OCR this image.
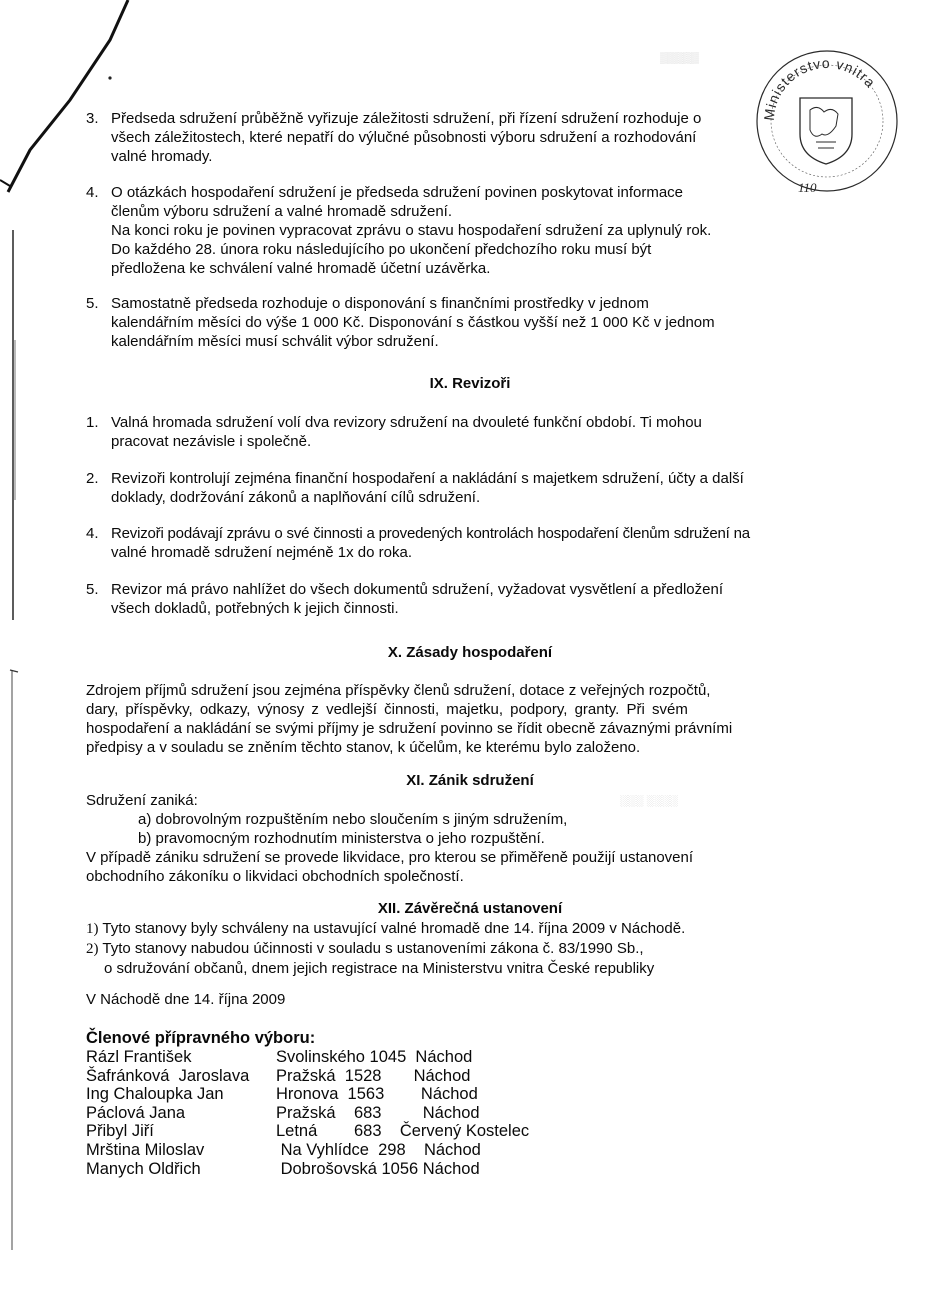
▒▒▒▒▒
░░░ ░░░░
Ministerstvo vnitra
110
3. Předseda sdružení průběžně vyřizuje záležitosti sdružení, při řízení sdružení rozhoduje o
všech záležitostech, které nepatří do výlučné působnosti výboru sdružení a rozhodování
valné hromady.
4. O otázkách hospodaření sdružení je předseda sdružení povinen poskytovat informace
členům výboru sdružení a valné hromadě sdružení.
Na konci roku je povinen vypracovat zprávu o stavu hospodaření sdružení za uplynulý rok.
Do každého 28. února roku následujícího po ukončení předchozího roku musí být
předložena ke schválení valné hromadě účetní uzávěrka.
5. Samostatně předseda rozhoduje o disponování s finančními prostředky v jednom
kalendářním měsíci do výše 1 000 Kč. Disponování s částkou vyšší než 1 000 Kč v jednom
kalendářním měsíci musí schválit výbor sdružení.
IX. Revizoři
1. Valná hromada sdružení volí dva revizory sdružení na dvouleté funkční období. Ti mohou
pracovat nezávisle i společně.
2. Revizoři kontrolují zejména finanční hospodaření a nakládání s majetkem sdružení, účty a další
doklady, dodržování zákonů a naplňování cílů sdružení.
4. Revizoři podávají zprávu o své činnosti a provedených kontrolách hospodaření členům sdružení na
valné hromadě sdružení nejméně 1x do roka.
5. Revizor má právo nahlížet do všech dokumentů sdružení, vyžadovat vysvětlení a předložení
všech dokladů, potřebných k jejich činnosti.
X. Zásady hospodaření
Zdrojem příjmů sdružení jsou zejména příspěvky členů sdružení, dotace z veřejných rozpočtů,
dary, příspěvky, odkazy, výnosy z vedlejší činnosti, majetku, podpory, granty. Při svém
hospodaření a nakládání se svými příjmy je sdružení povinno se řídit obecně závaznými právními
předpisy a v souladu se zněním těchto stanov, k účelům, ke kterému bylo založeno.
XI. Zánik sdružení
Sdružení zaniká:
a) dobrovolným rozpuštěním nebo sloučením s jiným sdružením,
b) pravomocným rozhodnutím ministerstva o jeho rozpuštění.
V případě zániku sdružení se provede likvidace, pro kterou se přiměřeně použijí ustanovení
obchodního zákoníku o likvidaci obchodních společností.
XII. Závěrečná ustanovení
1) Tyto stanovy byly schváleny na ustavující valné hromadě dne 14. října 2009 v Náchodě.
2) Tyto stanovy nabudou účinnosti v souladu s ustanoveními zákona č. 83/1990 Sb.,
o sdružování občanů, dnem jejich registrace na Ministerstvu vnitra České republiky
V Náchodě dne 14. října 2009
Členové přípravného výboru:
Rázl František	Svolinského 1045  Náchod
Šafránková  Jaroslava Pražská  1528       Náchod
Ing Chaloupka Jan	Hronova  1563        Náchod
Páclová Jana	Pražská    683         Náchod
Přibyl Jiří	Letná        683    Červený Kostelec
Mrština Miloslav	Na Vyhlídce  298    Náchod
Manych Oldřich	Dobrošovská 1056 Náchod
